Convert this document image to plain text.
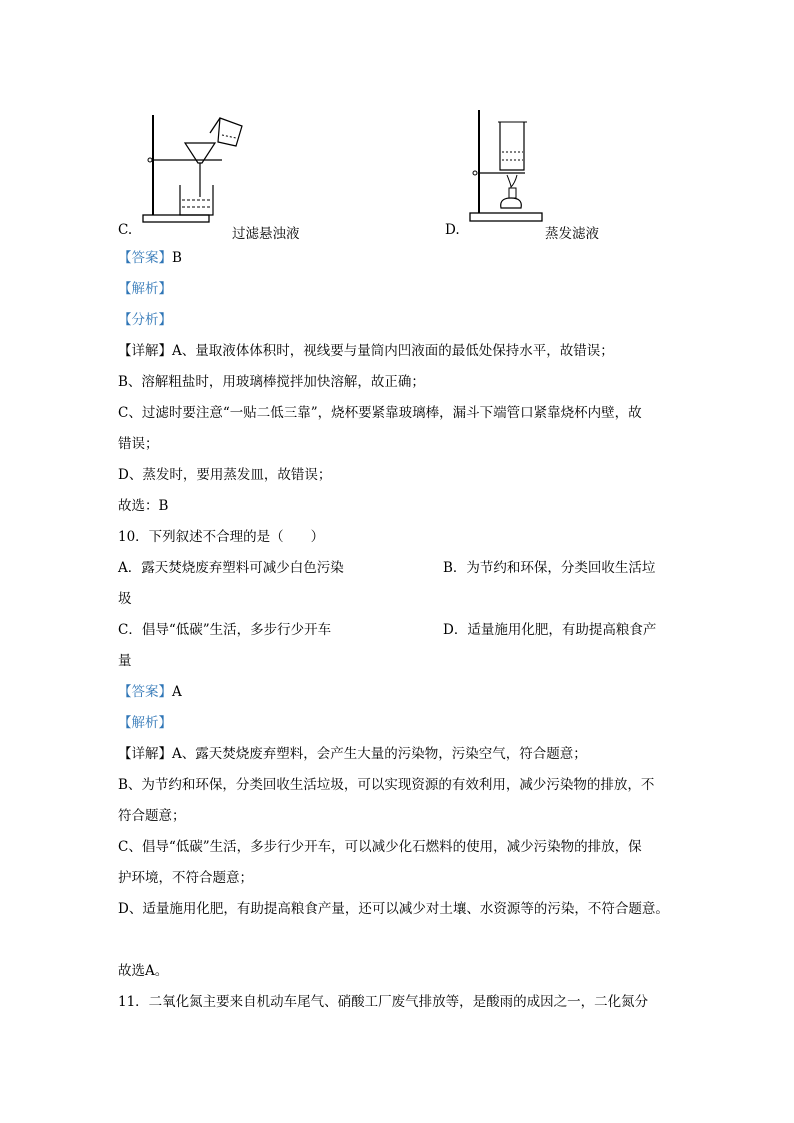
C.	过滤悬浊液	D.	蒸发滤液
【答案】B
【解析】
【分析】
【详解】A、量取液体体积时，视线要与量筒内凹液面的最低处保持水平，故错误；
B、溶解粗盐时，用玻璃棒搅拌加快溶解，故正确；
C、过滤时要注意“一贴二低三靠”，烧杯要紧靠玻璃棒，漏斗下端管口紧靠烧杯内壁，故
错误；
D、蒸发时，要用蒸发皿，故错误；
故选：B
10．下列叙述不合理的是（　　）
A．露天焚烧废弃塑料可减少白色污染	B．为节约和环保，分类回收生活垃
圾
C．倡导“低碳”生活，多步行少开车	D．适量施用化肥，有助提高粮食产
量
【答案】A
【解析】
【详解】A、露天焚烧废弃塑料，会产生大量的污染物，污染空气，符合题意；
B、为节约和环保，分类回收生活垃圾，可以实现资源的有效利用，减少污染物的排放，不
符合题意；
C、倡导“低碳”生活，多步行少开车，可以减少化石燃料的使用，减少污染物的排放，保
护环境，不符合题意；
D、适量施用化肥，有助提高粮食产量，还可以减少对土壤、水资源等的污染，不符合题意。
故选A。
11．二氧化氮主要来自机动车尾气、硝酸工厂废气排放等，是酸雨的成因之一，二化氮分
